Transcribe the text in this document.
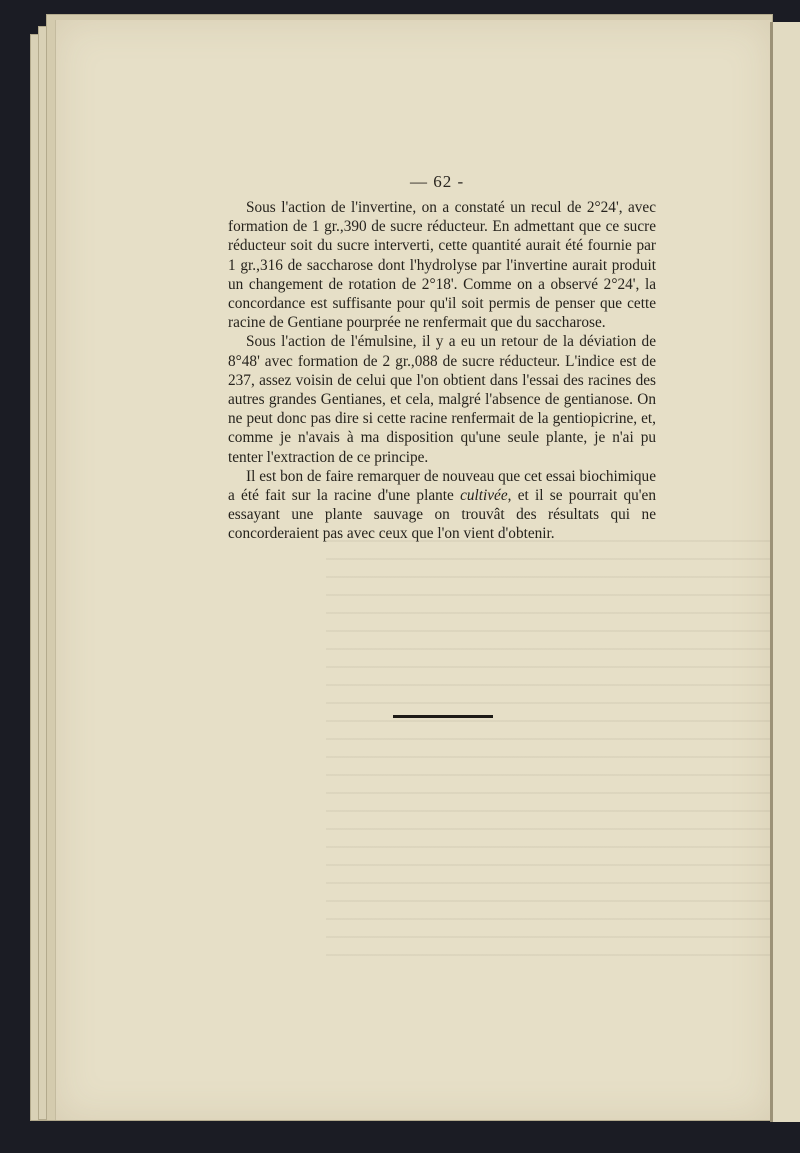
— 62 -

Sous l'action de l'invertine, on a constaté un recul de 2°24', avec formation de 1 gr.,390 de sucre réducteur. En admettant que ce sucre réducteur soit du sucre interverti, cette quantité aurait été fournie par 1 gr.,316 de saccharose dont l'hydrolyse par l'invertine aurait produit un changement de rotation de 2°18'. Comme on a observé 2°24', la concordance est suffisante pour qu'il soit permis de penser que cette racine de Gentiane pourprée ne renfermait que du saccharose.

Sous l'action de l'émulsine, il y a eu un retour de la déviation de 8°48' avec formation de 2 gr.,088 de sucre réducteur. L'indice est de 237, assez voisin de celui que l'on obtient dans l'essai des racines des autres grandes Gentianes, et cela, malgré l'absence de gentianose. On ne peut donc pas dire si cette racine renfermait de la gentiopicrine, et, comme je n'avais à ma disposition qu'une seule plante, je n'ai pu tenter l'extraction de ce principe.

Il est bon de faire remarquer de nouveau que cet essai biochimique a été fait sur la racine d'une plante cultivée, et il se pourrait qu'en essayant une plante sauvage on trouvât des résultats qui ne concorderaient pas avec ceux que l'on vient d'obtenir.
